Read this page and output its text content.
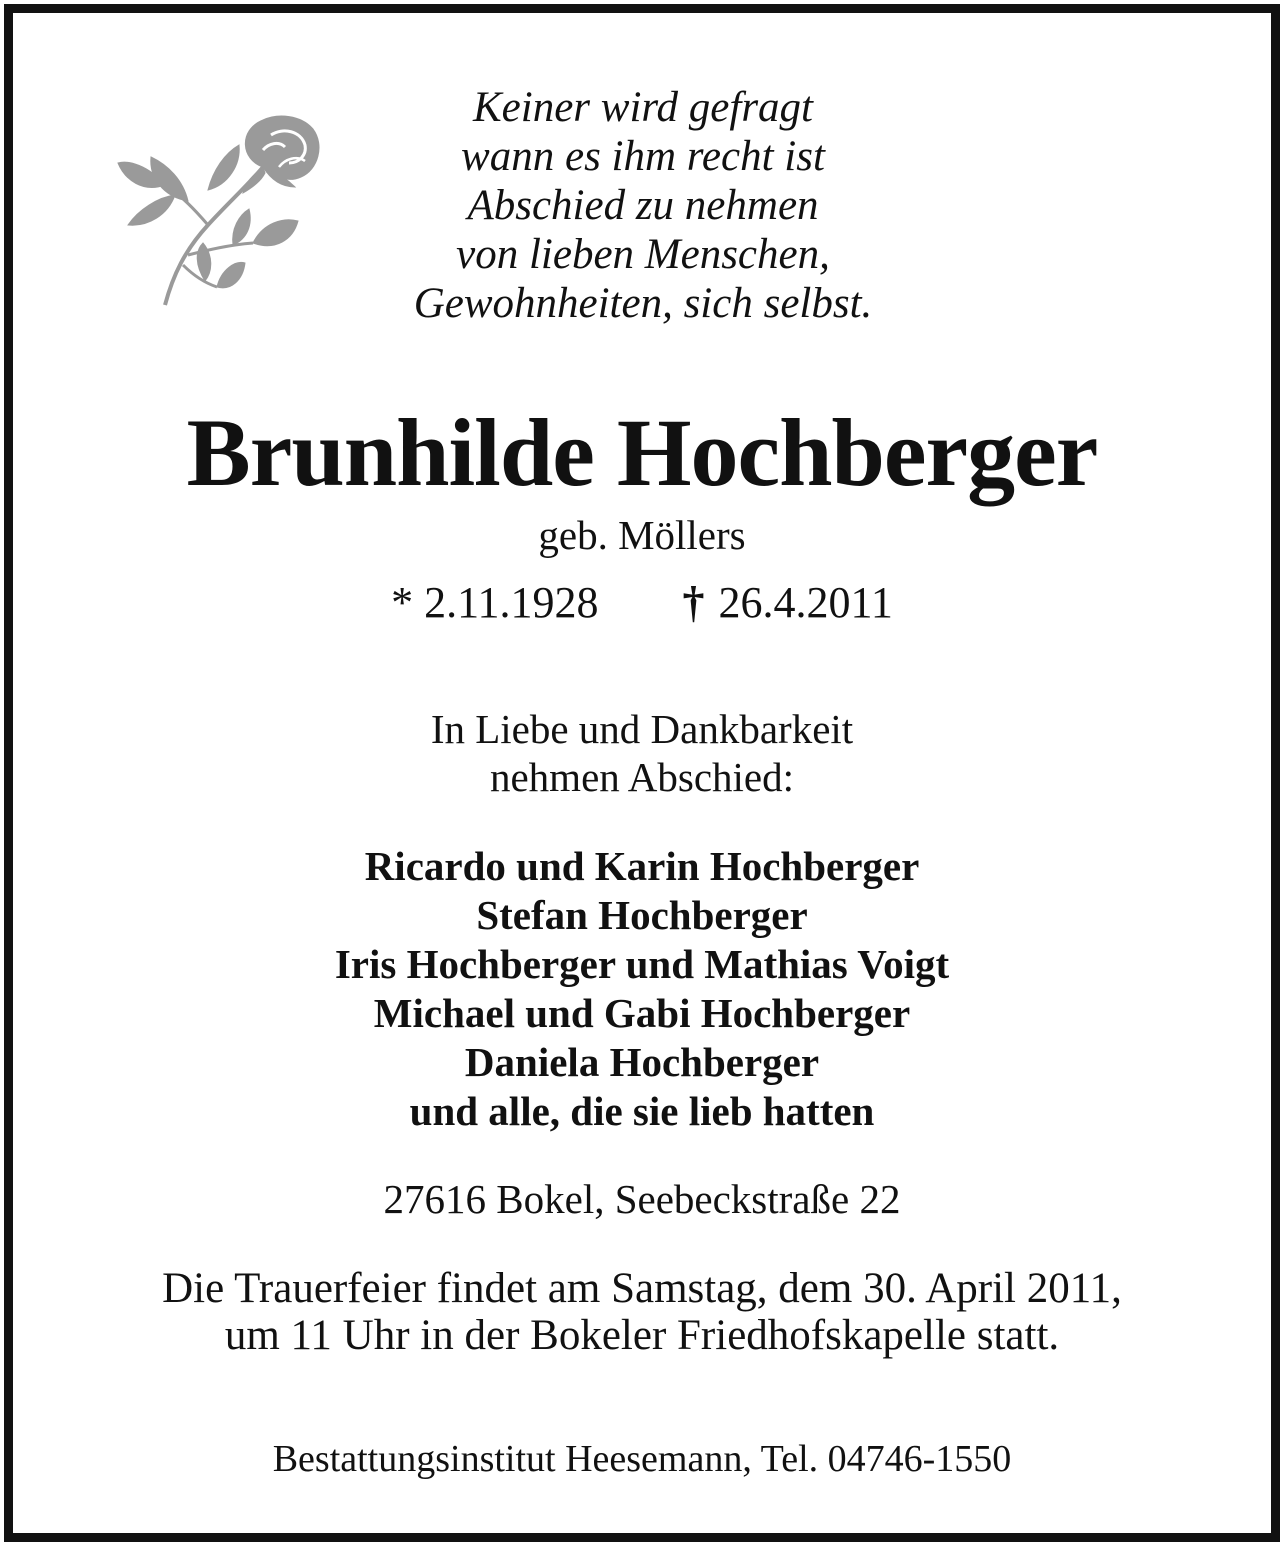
Keiner wird gefragt
wann es ihm recht ist
Abschied zu nehmen
von lieben Menschen,
Gewohnheiten, sich selbst.
Brunhilde Hochberger
geb. Möllers
* 2.11.1928 † 26.4.2011
In Liebe und Dankbarkeit
nehmen Abschied:
Ricardo und Karin Hochberger
Stefan Hochberger
Iris Hochberger und Mathias Voigt
Michael und Gabi Hochberger
Daniela Hochberger
und alle, die sie lieb hatten
27616 Bokel, Seebeckstraße 22
Die Trauerfeier findet am Samstag, dem 30. April 2011,
um 11 Uhr in der Bokeler Friedhofskapelle statt.
Bestattungsinstitut Heesemann, Tel. 04746-1550
